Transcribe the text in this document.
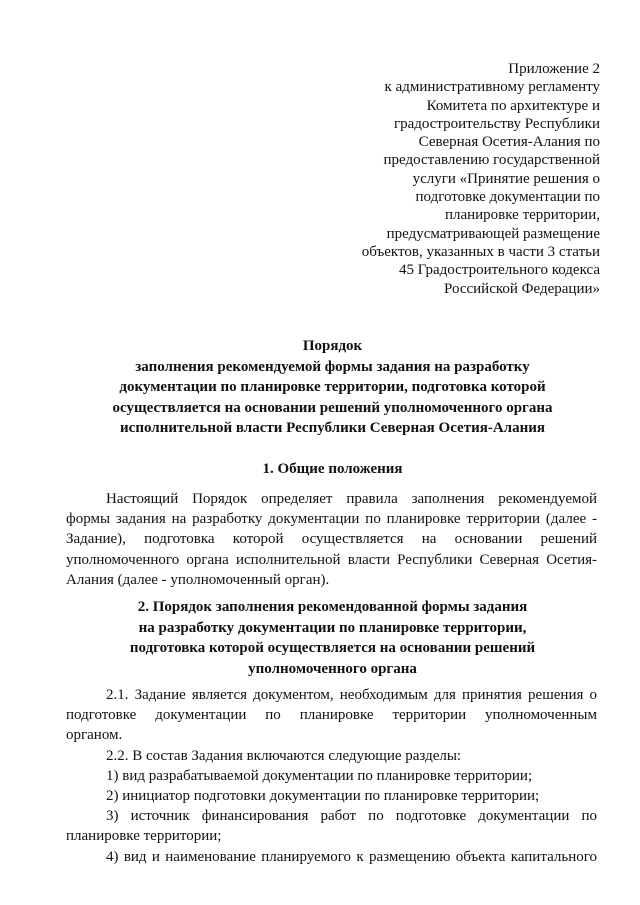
Приложение 2
к административному регламенту
Комитета по архитектуре и
градостроительству Республики
Северная Осетия-Алания по
предоставлению государственной
услуги «Принятие решения о
подготовке документации по
планировке территории,
предусматривающей размещение
объектов, указанных в части 3 статьи
45 Градостроительного кодекса
Российской Федерации»
Порядок
заполнения рекомендуемой формы задания на разработку
документации по планировке территории, подготовка которой
осуществляется на основании решений уполномоченного органа
исполнительной власти Республики Северная Осетия-Алания
1. Общие положения
Настоящий Порядок определяет правила заполнения рекомендуемой
формы задания на разработку документации по планировке территории (далее -
Задание), подготовка которой осуществляется на основании решений
уполномоченного органа исполнительной власти Республики Северная Осетия-
Алания (далее - уполномоченный орган).
2. Порядок заполнения рекомендованной формы задания
на разработку документации по планировке территории,
подготовка которой осуществляется на основании решений
уполномоченного органа
2.1. Задание является документом, необходимым для принятия решения о
подготовке документации по планировке территории уполномоченным
органом.
2.2. В состав Задания включаются следующие разделы:
1) вид разрабатываемой документации по планировке территории;
2) инициатор подготовки документации по планировке территории;
3) источник финансирования работ по подготовке документации по
планировке территории;
4) вид и наименование планируемого к размещению объекта капитального
